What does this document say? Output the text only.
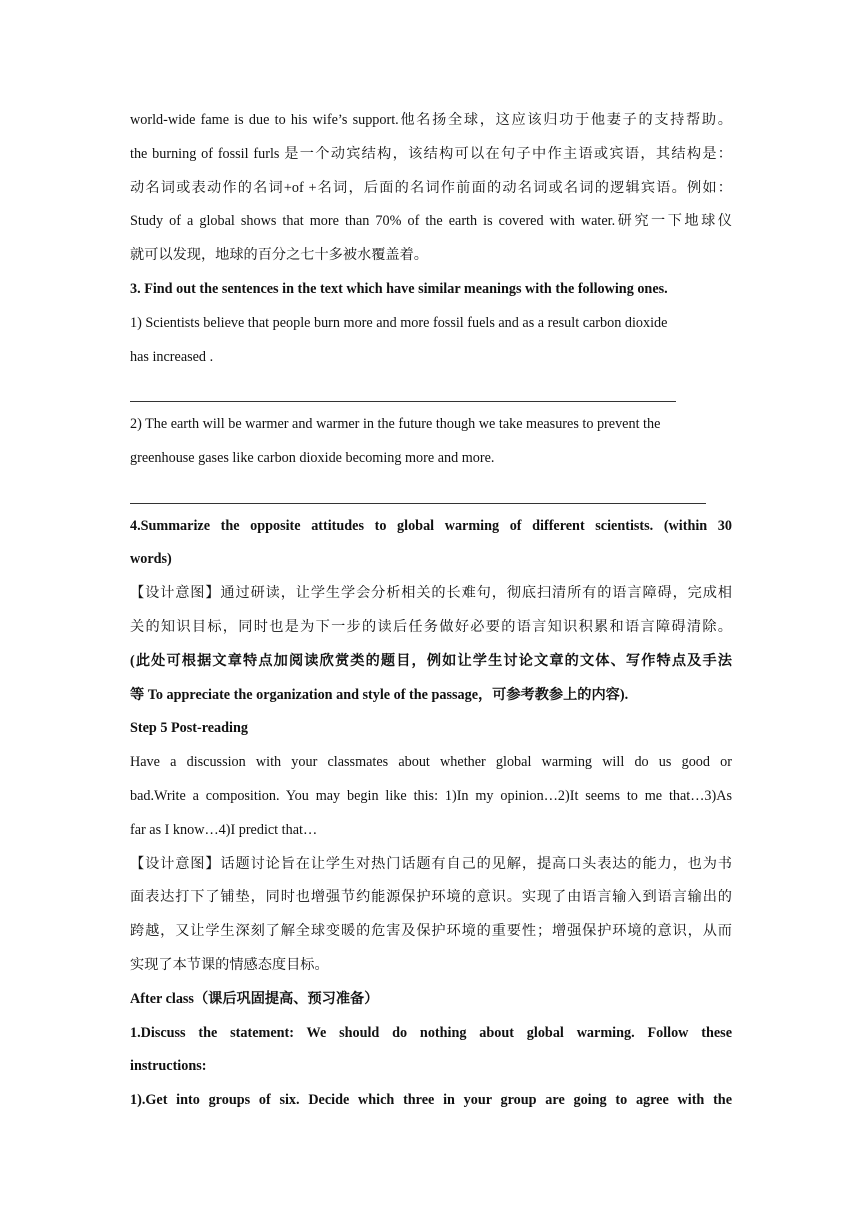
world-wide fame is due to his wife’s support.他名扬全球，这应该归功于他妻子的支持帮助。
the burning of fossil furls 是一个动宾结构，该结构可以在句子中作主语或宾语，其结构是：
动名词或表动作的名词+of +名词，后面的名词作前面的动名词或名词的逻辑宾语。例如：
Study of a global shows that more than 70% of the earth is covered with water.研究一下地球仪
就可以发现，地球的百分之七十多被水覆盖着。
3. Find out the sentences in the text which have similar meanings with the following ones.
1) Scientists believe that people burn more and more fossil fuels and as a result carbon dioxide
has increased .
2) The earth will be warmer and warmer in the future though we take measures to prevent the
greenhouse gases like carbon dioxide becoming more and more.
4.Summarize the opposite attitudes to global warming of different scientists. (within 30
words)
【设计意图】通过研读，让学生学会分析相关的长难句，彻底扫清所有的语言障碍，完成相
关的知识目标，同时也是为下一步的读后任务做好必要的语言知识积累和语言障碍清除。
(此处可根据文章特点加阅读欣赏类的题目，例如让学生讨论文章的文体、写作特点及手法
等 To appreciate the organization and style of the passage，可参考教参上的内容).
Step 5 Post-reading
Have a discussion with your classmates about whether global warming will do us good or
bad.Write a composition. You may begin like this: 1)In my opinion…2)It seems to me that…3)As
far as I know…4)I predict that…
【设计意图】话题讨论旨在让学生对热门话题有自己的见解，提高口头表达的能力，也为书
面表达打下了铺垫，同时也增强节约能源保护环境的意识。实现了由语言输入到语言输出的
跨越，又让学生深刻了解全球变暖的危害及保护环境的重要性；增强保护环境的意识，从而
实现了本节课的情感态度目标。
After class（课后巩固提高、预习准备）
1.Discuss the statement: We should do nothing about global warming. Follow these
instructions:
1).Get into groups of six. Decide which three in your group are going to agree with the
